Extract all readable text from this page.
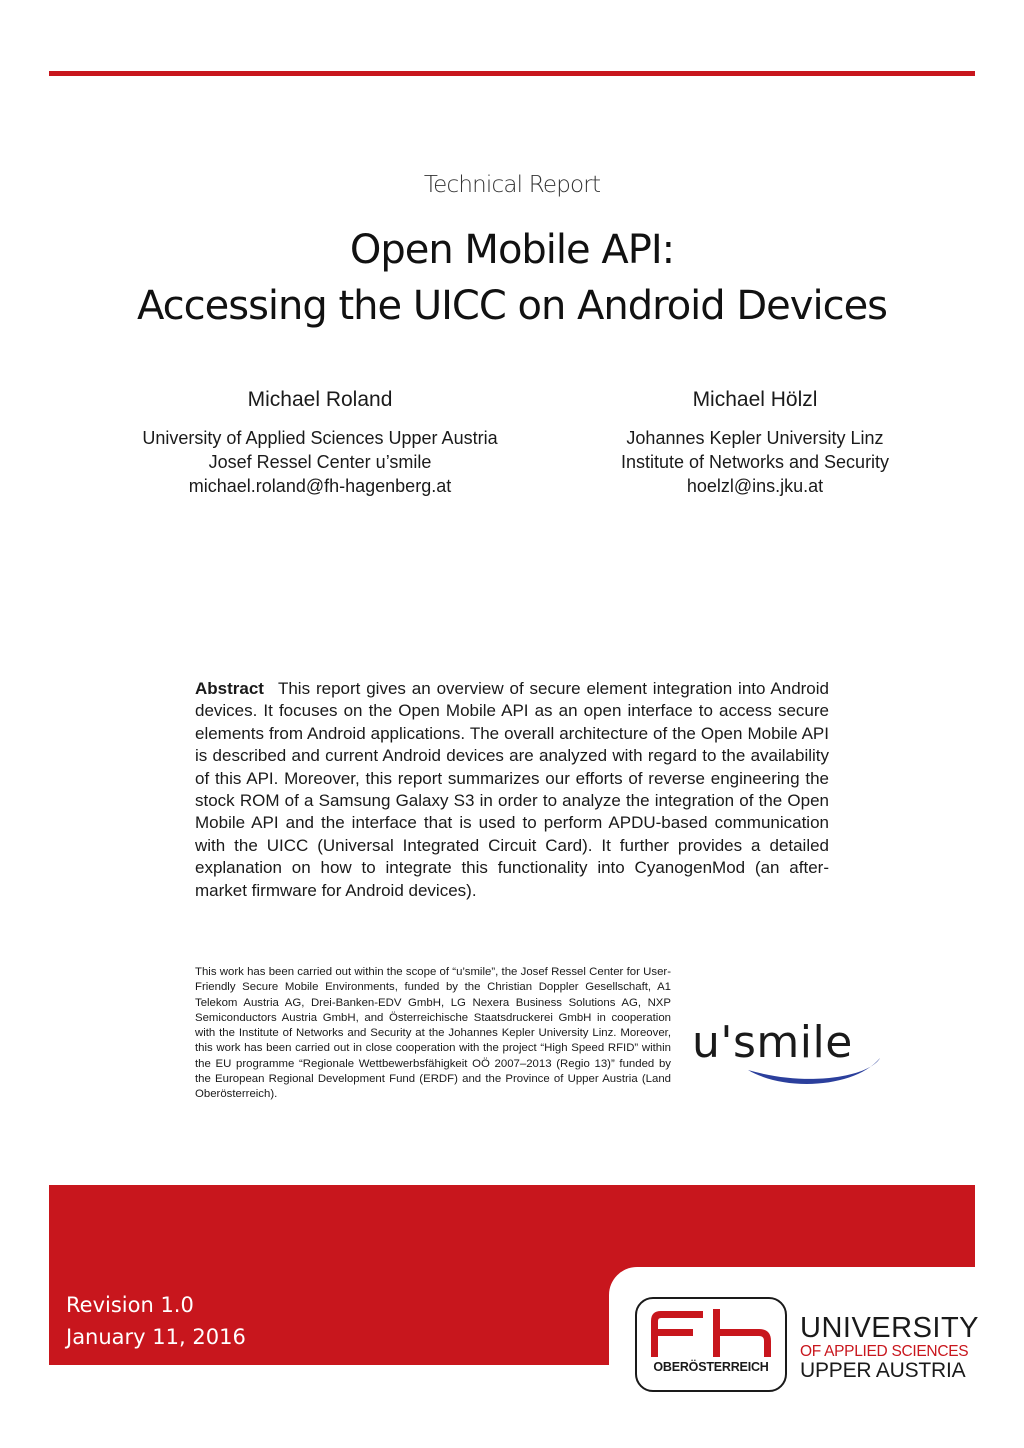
Technical Report
Open Mobile API:
Accessing the UICC on Android Devices
Michael Roland
University of Applied Sciences Upper Austria
Josef Ressel Center u’smile
michael.roland@fh-hagenberg.at
Michael Hölzl
Johannes Kepler University Linz
Institute of Networks and Security
hoelzl@ins.jku.at
Abstract This report gives an overview of secure element integration into Android devices. It focuses on the Open Mobile API as an open interface to access secure elements from Android applications. The overall architecture of the Open Mobile API is described and current Android devices are analyzed with regard to the availability of this API. Moreover, this report summarizes our efforts of reverse engineering the stock ROM of a Samsung Galaxy S3 in order to analyze the integration of the Open Mobile API and the interface that is used to perform APDU-based communication with the UICC (Universal Integrated Circuit Card). It further provides a detailed explanation on how to integrate this functionality into CyanogenMod (an after-market firmware for Android devices).
This work has been carried out within the scope of “u’smile”, the Josef Ressel Center for User-Friendly Secure Mobile Environments, funded by the Christian Doppler Gesellschaft, A1 Telekom Austria AG, Drei-Banken-EDV GmbH, LG Nexera Business Solutions AG, NXP Semiconductors Austria GmbH, and Österreichische Staatsdruckerei GmbH in cooperation with the Institute of Networks and Security at the Johannes Kepler University Linz. Moreover, this work has been carried out in close cooperation with the project “High Speed RFID” within the EU programme “Regionale Wettbewerbsfähigkeit OÖ 2007–2013 (Regio 13)” funded by the European Regional Development Fund (ERDF) and the Province of Upper Austria (Land Oberösterreich).
u'smile
Revision 1.0
January 11, 2016
OBERÖSTERREICH
UNIVERSITY
OF APPLIED SCIENCES
UPPER AUSTRIA
